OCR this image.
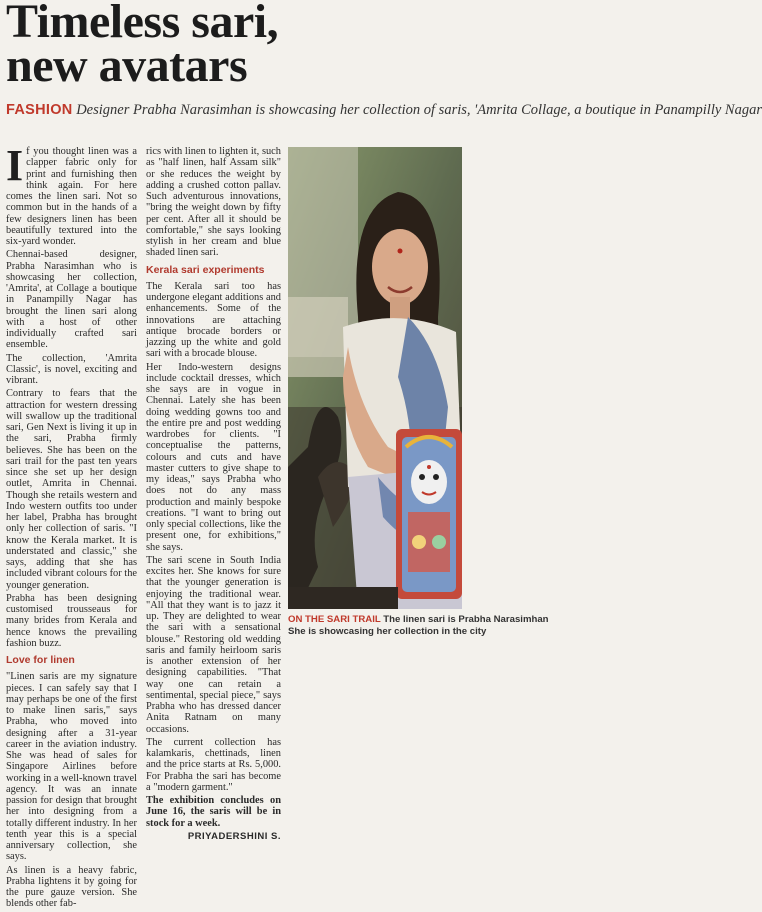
Timeless sari,
new avatars
FASHION Designer Prabha Narasimhan is showcasing her collection of saris, 'Amrita Collage, a boutique in Panampilly Nagar

If you thought linen was a clapper fabric only for print and furnishing then think again. For here comes the linen sari. Not so common but in the hands of a few designers linen has been beautifully textured into the six-yard wonder.

Chennai-based designer, Prabha Narasimhan who is showcasing her collection, 'Amrita', at Collage a boutique in Panampilly Nagar has brought the linen sari along with a host of other individually crafted sari ensemble.

The collection, 'Amrita Classic', is novel, exciting and vibrant.

Contrary to fears that the attraction for western dressing will swallow up the traditional sari, Gen Next is living it up in the sari, Prabha firmly believes. She has been on the sari trail for the past ten years since she set up her design outlet, Amrita in Chennai. Though she retails western and Indo western outfits too under her label, Prabha has brought only her collection of saris. "I know the Kerala market. It is understated and classic," she says, adding that she has included vibrant colours for the younger generation.

Prabha has been designing customised trousseaus for many brides from Kerala and hence knows the prevailing fashion buzz.

Love for linen

"Linen saris are my signature pieces. I can safely say that I may perhaps be one of the first to make linen saris," says Prabha, who moved into designing after a 31-year career in the aviation industry. She was head of sales for Singapore Airlines before working in a well-known travel agency. It was an innate passion for design that brought her into designing from a totally different industry. In her tenth year this is a special anniversary collection, she says.

As linen is a heavy fabric, Prabha lightens it by going for the pure gauze version. She blends other fab-

rics with linen to lighten it, such as "half linen, half Assam silk" or she reduces the weight by adding a crushed cotton pallav. Such adventurous innovations, "bring the weight down by fifty per cent. After all it should be comfortable," she says looking stylish in her cream and blue shaded linen sari.

Kerala sari experiments

The Kerala sari too has undergone elegant additions and enhancements. Some of the innovations are attaching antique brocade borders or jazzing up the white and gold sari with a brocade blouse.

Her Indo-western designs include cocktail dresses, which she says are in vogue in Chennai. Lately she has been doing wedding gowns too and the entire pre and post wedding wardrobes for clients. "I conceptualise the patterns, colours and cuts and have master cutters to give shape to my ideas," says Prabha who does not do any mass production and mainly bespoke creations. "I want to bring out only special collections, like the present one, for exhibitions," she says.

The sari scene in South India excites her. She knows for sure that the younger generation is enjoying the traditional wear. "All that they want is to jazz it up. They are delighted to wear the sari with a sensational blouse." Restoring old wedding saris and family heirloom saris is another extension of her designing capabilities. "That way one can retain a sentimental, special piece," says Prabha who has dressed dancer Anita Ratnam on many occasions.

The current collection has kalamkaris, chettinads, linen and the price starts at Rs. 5,000. For Prabha the sari has become a "modern garment."

The exhibition concludes on June 16, the saris will be in stock for a week.

PRIYADERSHINI S.
ON THE SARI TRAIL The linen sari is Prabha Narasimhan
She is showcasing her collection in the city
